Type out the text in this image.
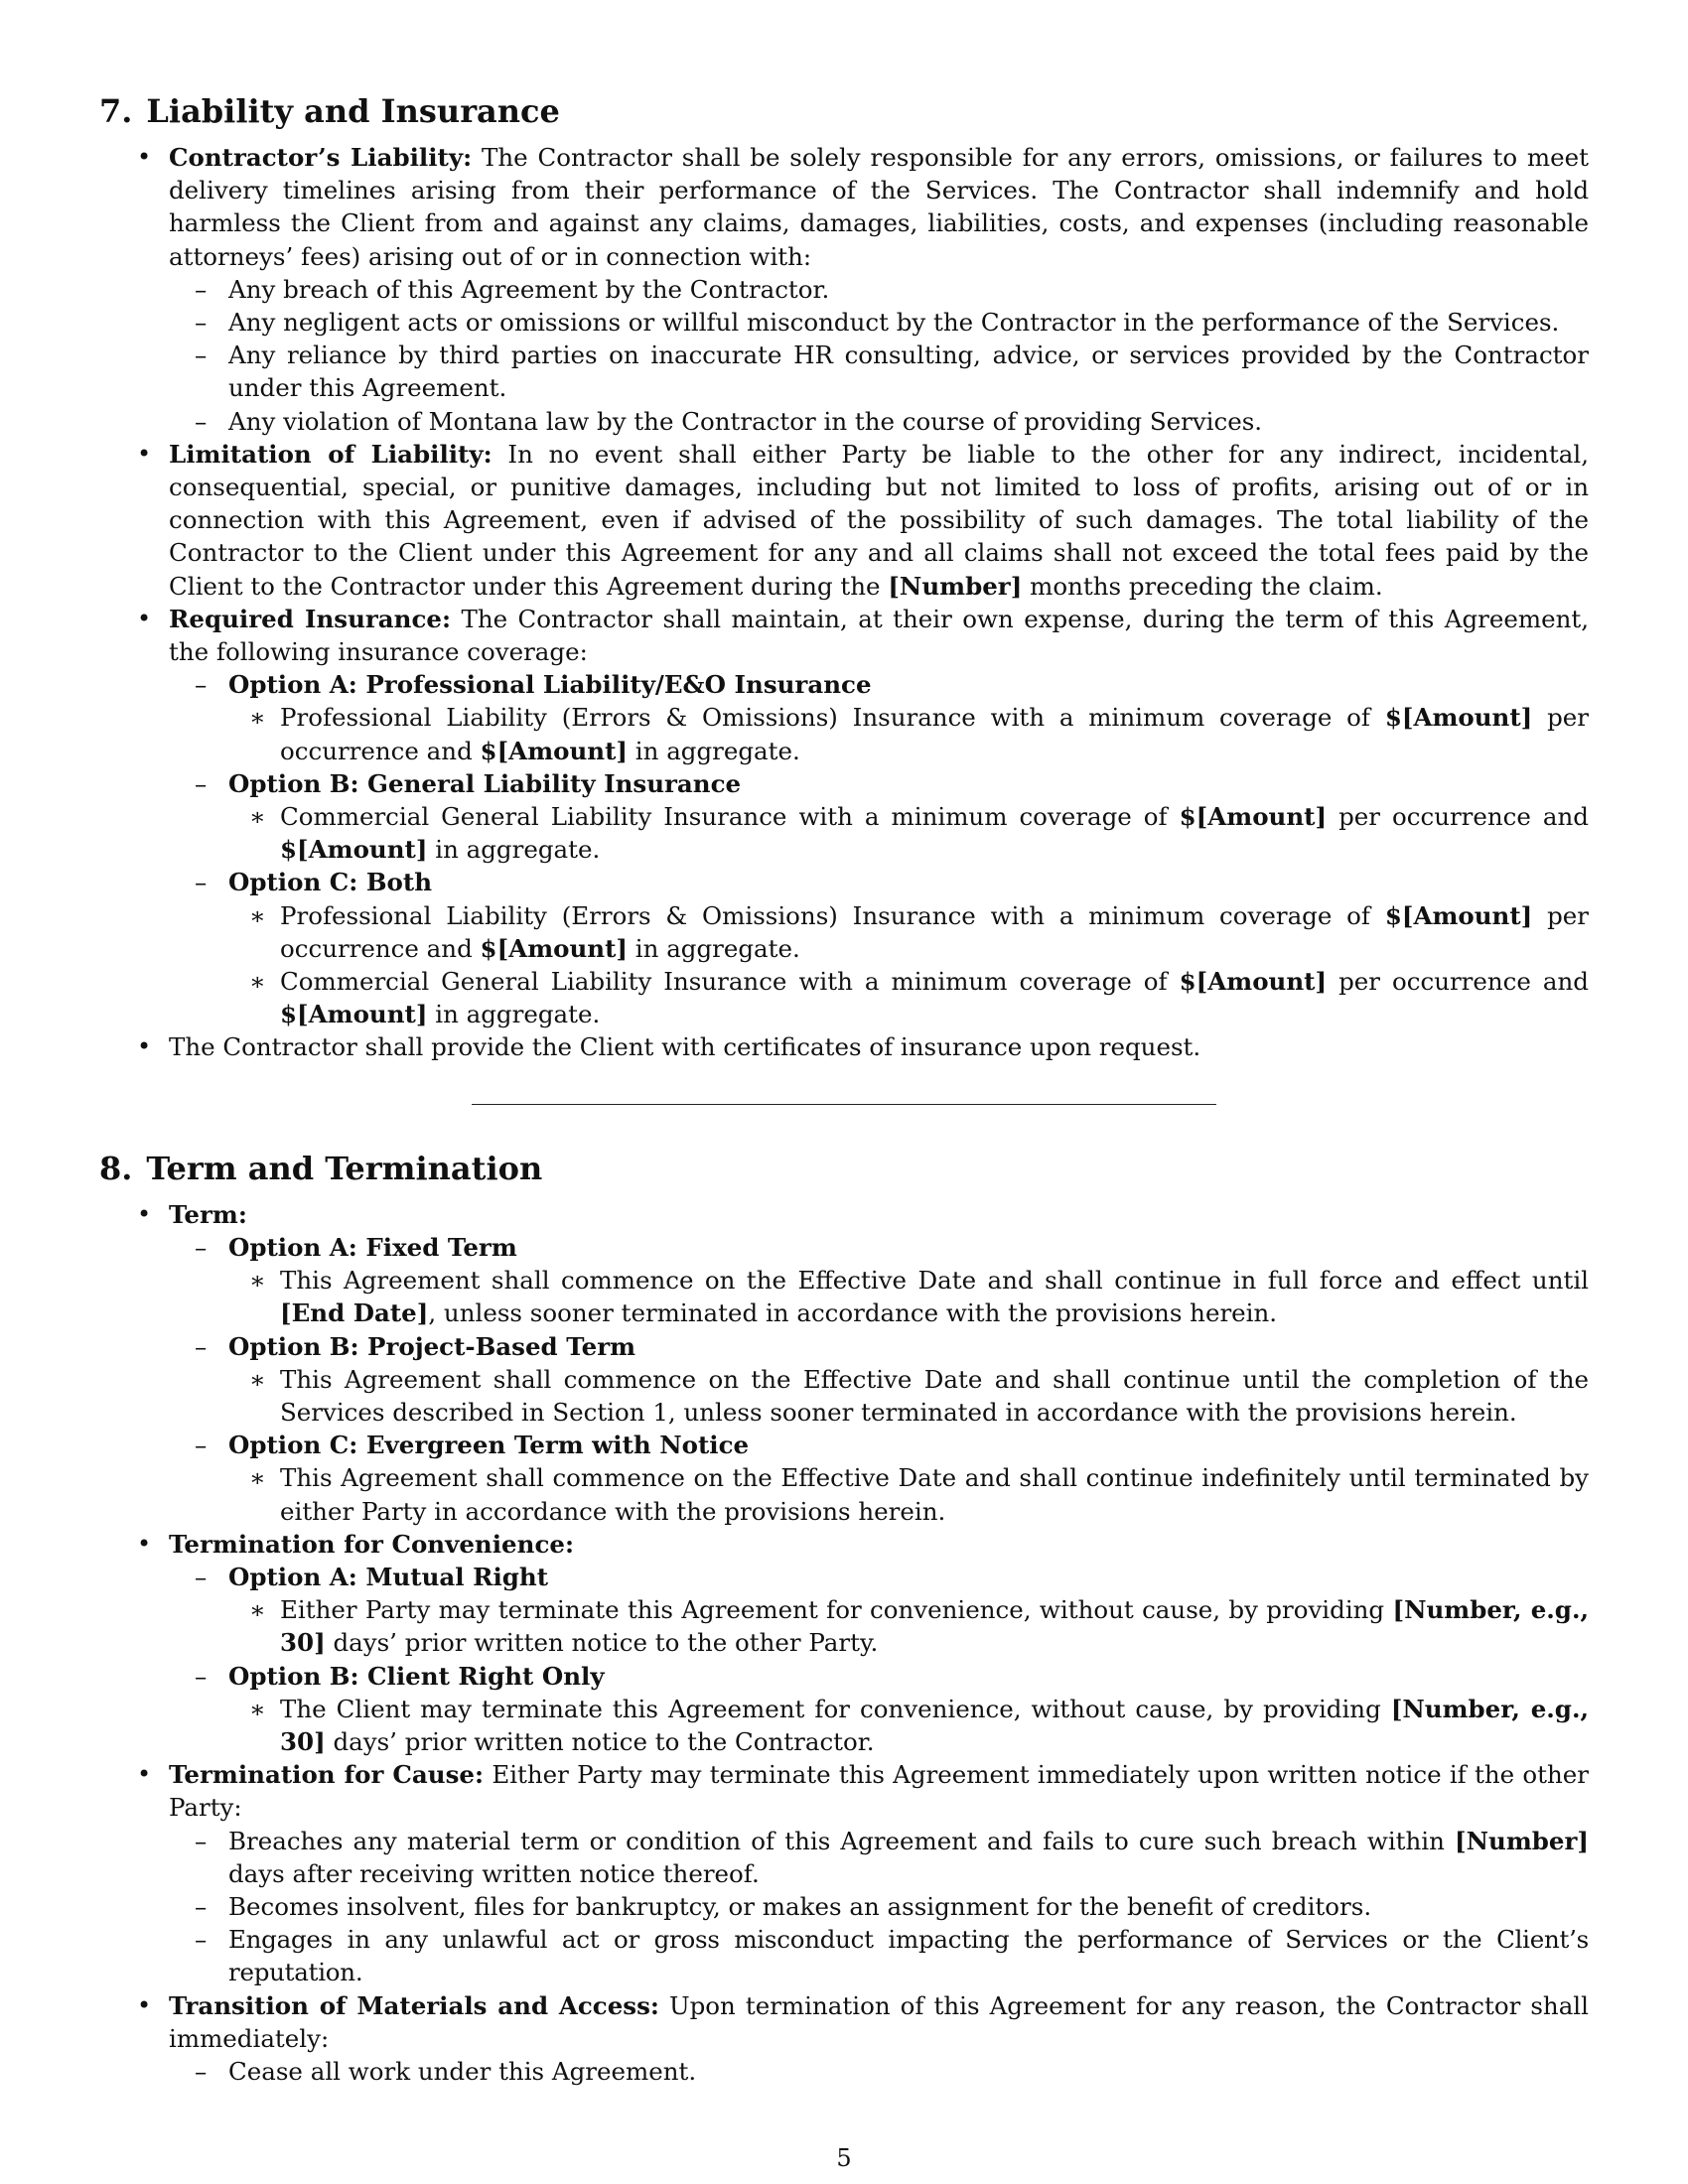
7. Liability and Insurance
• Contractor’s Liability: The Contractor shall be solely responsible for any errors, omissions, or failures to meet delivery timelines arising from their performance of the Services. The Contractor shall indemnify and hold harmless the Client from and against any claims, damages, liabilities, costs, and expenses (including reasonable attorneys’ fees) arising out of or in connection with:

– Any breach of this Agreement by the Contractor.

– Any negligent acts or omissions or willful misconduct by the Contractor in the performance of the Services.

– Any reliance by third parties on inaccurate HR consulting, advice, or services provided by the Contractor under this Agreement.

– Any violation of Montana law by the Contractor in the course of providing Services.

• Limitation of Liability: In no event shall either Party be liable to the other for any indirect, incidental, consequential, special, or punitive damages, including but not limited to loss of profits, arising out of or in connection with this Agreement, even if advised of the possibility of such damages. The total liability of the Contractor to the Client under this Agreement for any and all claims shall not exceed the total fees paid by the Client to the Contractor under this Agreement during the [Number] months preceding the claim.

• Required Insurance: The Contractor shall maintain, at their own expense, during the term of this Agreement, the following insurance coverage:

– Option A: Professional Liability/E&O Insurance

∗ Professional Liability (Errors & Omissions) Insurance with a minimum coverage of $[Amount] per occurrence and $[Amount] in aggregate.

– Option B: General Liability Insurance

∗ Commercial General Liability Insurance with a minimum coverage of $[Amount] per occurrence and $[Amount] in aggregate.

– Option C: Both

∗ Professional Liability (Errors & Omissions) Insurance with a minimum coverage of $[Amount] per occurrence and $[Amount] in aggregate.

∗ Commercial General Liability Insurance with a minimum coverage of $[Amount] per occurrence and $[Amount] in aggregate.

• The Contractor shall provide the Client with certificates of insurance upon request.

8. Term and Termination
• Term:

– Option A: Fixed Term

∗ This Agreement shall commence on the Effective Date and shall continue in full force and effect until [End Date], unless sooner terminated in accordance with the provisions herein.

– Option B: Project-Based Term

∗ This Agreement shall commence on the Effective Date and shall continue until the completion of the Services described in Section 1, unless sooner terminated in accordance with the provisions herein.

– Option C: Evergreen Term with Notice

∗ This Agreement shall commence on the Effective Date and shall continue indefinitely until terminated by either Party in accordance with the provisions herein.

• Termination for Convenience:

– Option A: Mutual Right

∗ Either Party may terminate this Agreement for convenience, without cause, by providing [Number, e.g., 30] days’ prior written notice to the other Party.

– Option B: Client Right Only

∗ The Client may terminate this Agreement for convenience, without cause, by providing [Number, e.g., 30] days’ prior written notice to the Contractor.

• Termination for Cause: Either Party may terminate this Agreement immediately upon written notice if the other Party:

– Breaches any material term or condition of this Agreement and fails to cure such breach within [Number] days after receiving written notice thereof.

– Becomes insolvent, files for bankruptcy, or makes an assignment for the benefit of creditors.

– Engages in any unlawful act or gross misconduct impacting the performance of Services or the Client’s reputation.

• Transition of Materials and Access: Upon termination of this Agreement for any reason, the Contractor shall immediately:

– Cease all work under this Agreement.

5
